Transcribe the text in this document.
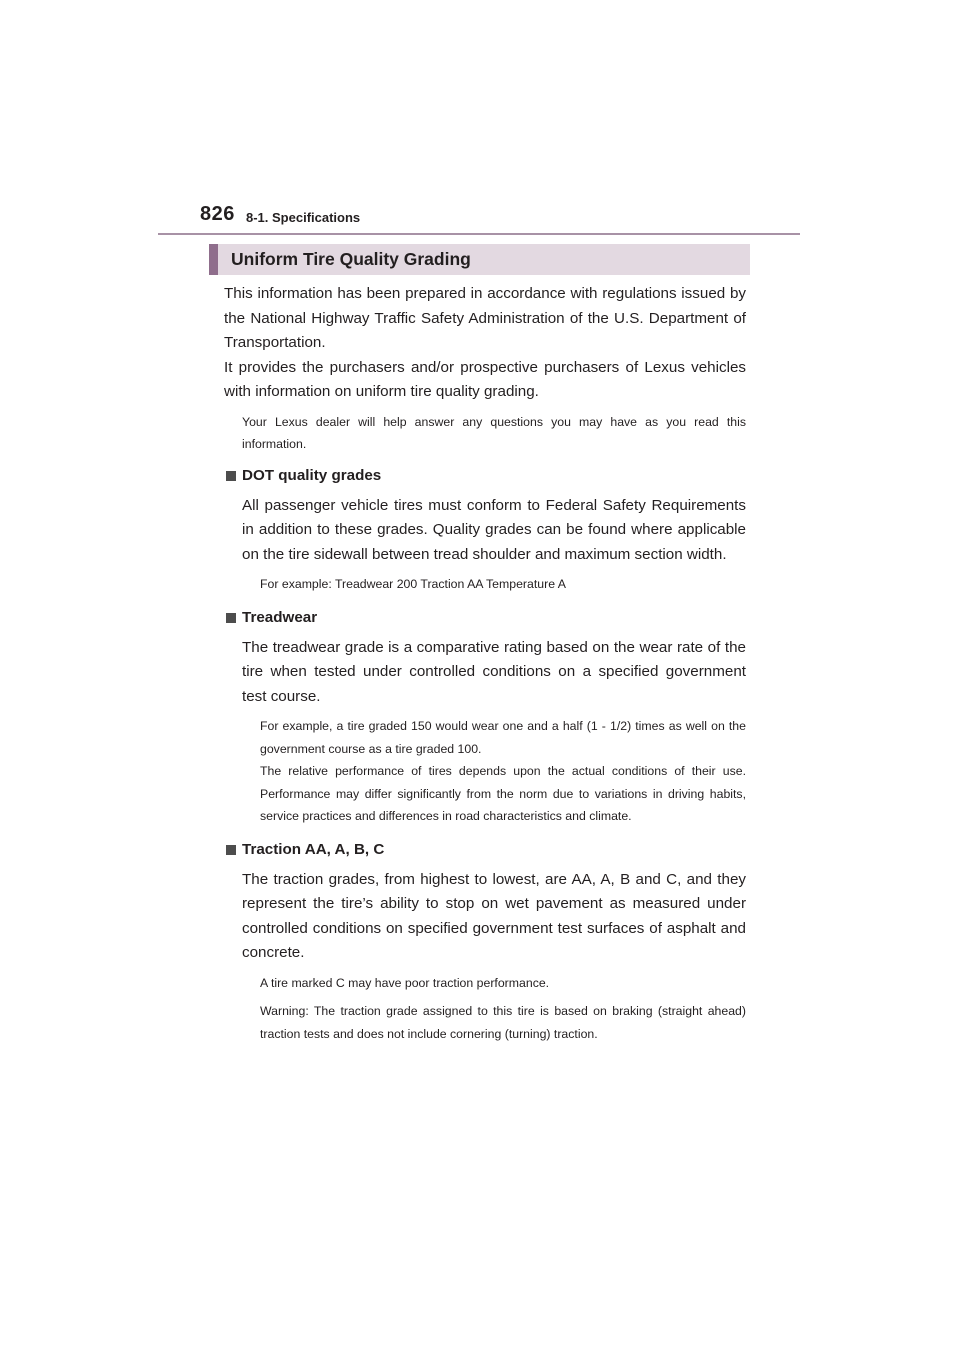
826 8-1. Specifications
Uniform Tire Quality Grading

This information has been prepared in accordance with regulations issued by the National Highway Traffic Safety Administration of the U.S. Department of Transportation.

It provides the purchasers and/or prospective purchasers of Lexus vehicles with information on uniform tire quality grading.

Your Lexus dealer will help answer any questions you may have as you read this information.

DOT quality grades

All passenger vehicle tires must conform to Federal Safety Requirements in addition to these grades. Quality grades can be found where applicable on the tire sidewall between tread shoulder and maximum section width.

For example: Treadwear 200 Traction AA Temperature A

Treadwear

The treadwear grade is a comparative rating based on the wear rate of the tire when tested under controlled conditions on a specified government test course.

For example, a tire graded 150 would wear one and a half (1 - 1/2) times as well on the government course as a tire graded 100.

The relative performance of tires depends upon the actual conditions of their use. Performance may differ significantly from the norm due to variations in driving habits, service practices and differences in road characteristics and climate.

Traction AA, A, B, C

The traction grades, from highest to lowest, are AA, A, B and C, and they represent the tire’s ability to stop on wet pavement as measured under controlled conditions on specified government test surfaces of asphalt and concrete.

A tire marked C may have poor traction performance.

Warning: The traction grade assigned to this tire is based on braking (straight ahead) traction tests and does not include cornering (turning) traction.
